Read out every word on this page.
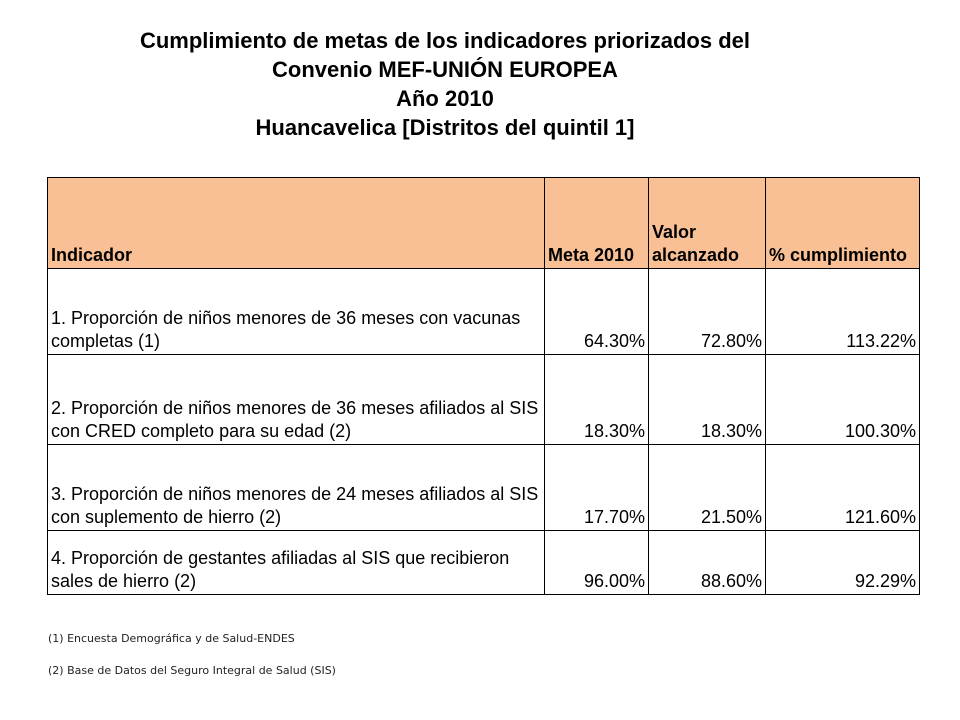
Cumplimiento de metas de los indicadores priorizados del
Convenio MEF-UNIÓN EUROPEA
Año 2010
Huancavelica [Distritos del quintil 1]
Indicador	Meta 2010	Valor alcanzado	% cumplimiento
1. Proporción de niños menores de 36 meses con vacunas completas (1)	64.30%	72.80%	113.22%
2. Proporción de niños menores de 36 meses afiliados al SIS con CRED completo para su edad (2)	18.30%	18.30%	100.30%
3. Proporción de niños menores de 24 meses afiliados al SIS con suplemento de hierro (2)	17.70%	21.50%	121.60%
4. Proporción de gestantes afiliadas al SIS que recibieron sales de hierro (2)	96.00%	88.60%	92.29%
(1) Encuesta Demográfica y de Salud-ENDES
(2) Base de Datos del Seguro Integral de Salud (SIS)
